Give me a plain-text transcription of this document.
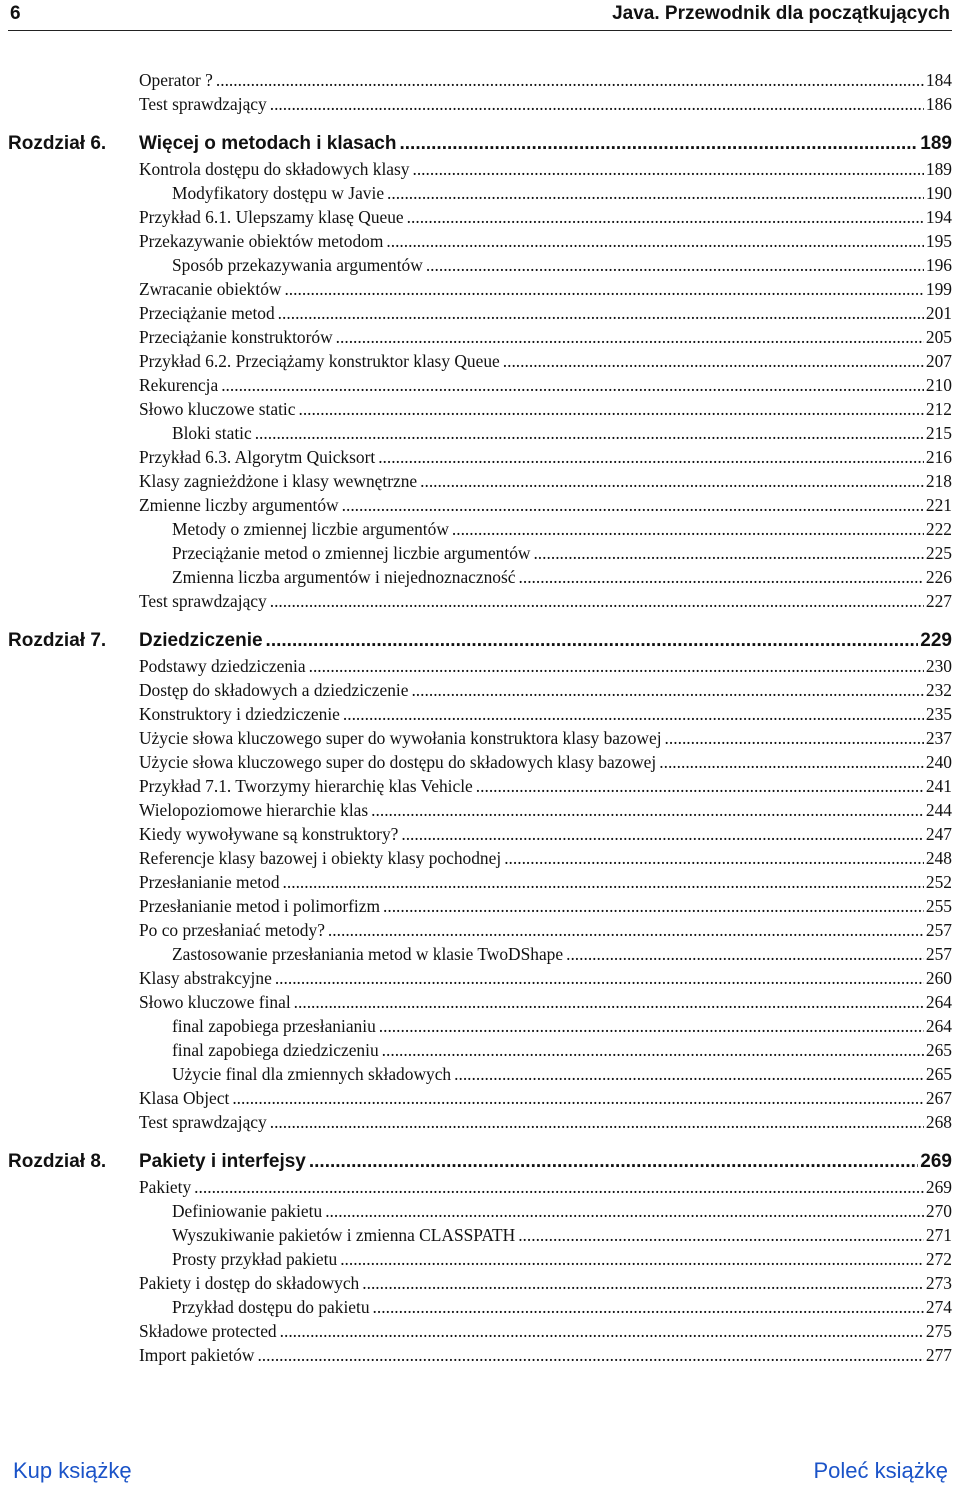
6	Java. Przewodnik dla początkujących
Operator ? .....	184
Test sprawdzający .....	186
Rozdział 6. Więcej o metodach i klasach .....	189
Kontrola dostępu do składowych klasy .....	189
Modyfikatory dostępu w Javie .....	190
Przykład 6.1. Ulepszamy klasę Queue .....	194
Przekazywanie obiektów metodom .....	195
Sposób przekazywania argumentów .....	196
Zwracanie obiektów .....	199
Przeciążanie metod .....	201
Przeciążanie konstruktorów .....	205
Przykład 6.2. Przeciążamy konstruktor klasy Queue .....	207
Rekurencja .....	210
Słowo kluczowe static .....	212
Bloki static .....	215
Przykład 6.3. Algorytm Quicksort .....	216
Klasy zagnieżdżone i klasy wewnętrzne .....	218
Zmienne liczby argumentów .....	221
Metody o zmiennej liczbie argumentów .....	222
Przeciążanie metod o zmiennej liczbie argumentów .....	225
Zmienna liczba argumentów i niejednoznaczność .....	226
Test sprawdzający .....	227
Rozdział 7. Dziedziczenie .....	229
Podstawy dziedziczenia .....	230
Dostęp do składowych a dziedziczenie .....	232
Konstruktory i dziedziczenie .....	235
Użycie słowa kluczowego super do wywołania konstruktora klasy bazowej .....	237
Użycie słowa kluczowego super do dostępu do składowych klasy bazowej .....	240
Przykład 7.1. Tworzymy hierarchię klas Vehicle .....	241
Wielopoziomowe hierarchie klas .....	244
Kiedy wywoływane są konstruktory? .....	247
Referencje klasy bazowej i obiekty klasy pochodnej .....	248
Przesłanianie metod .....	252
Przesłanianie metod i polimorfizm .....	255
Po co przesłaniać metody? .....	257
Zastosowanie przesłaniania metod w klasie TwoDShape .....	257
Klasy abstrakcyjne .....	260
Słowo kluczowe final .....	264
final zapobiega przesłanianiu .....	264
final zapobiega dziedziczeniu .....	265
Użycie final dla zmiennych składowych .....	265
Klasa Object .....	267
Test sprawdzający .....	268
Rozdział 8. Pakiety i interfejsy .....	269
Pakiety .....	269
Definiowanie pakietu .....	270
Wyszukiwanie pakietów i zmienna CLASSPATH .....	271
Prosty przykład pakietu .....	272
Pakiety i dostęp do składowych .....	273
Przykład dostępu do pakietu .....	274
Składowe protected .....	275
Import pakietów .....	277
Kup książkę	Poleć książkę
